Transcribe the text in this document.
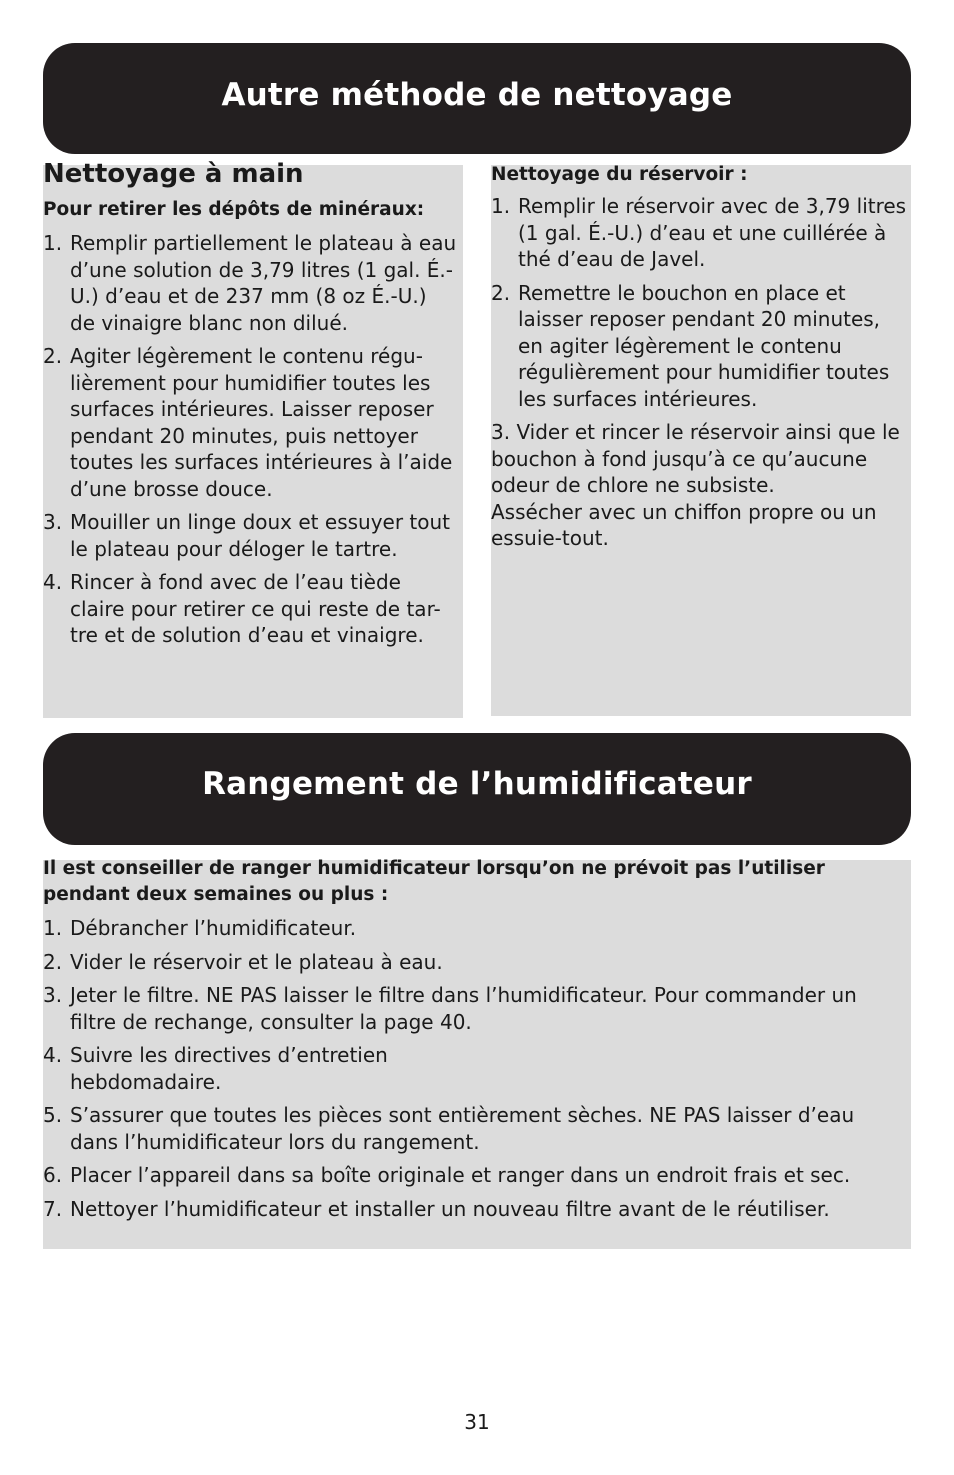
Autre méthode de nettoyage
Nettoyage à main

Pour retirer les dépôts de minéraux:

1. Remplir partiellement le plateau à eau d’une solution de 3,79 litres (1 gal. É.-U.) d’eau et de 237 mm (8 oz É.-U.) de vinaigre blanc non dilué.
2. Agiter légèrement le contenu régu- lièrement pour humidifier toutes les surfaces intérieures. Laisser reposer pendant 20 minutes, puis nettoyer toutes les surfaces intérieures à l’aide d’une brosse douce.
3. Mouiller un linge doux et essuyer tout le plateau pour déloger le tartre.
4. Rincer à fond avec de l’eau tiède claire pour retirer ce qui reste de tar- tre et de solution d’eau et vinaigre.

Nettoyage du réservoir :

1. Remplir le réservoir avec de 3,79 litres (1 gal. É.-U.) d’eau et une cuillérée à thé d’eau de Javel.
2. Remettre le bouchon en place et laisser reposer pendant 20 minutes, en agiter légèrement le contenu régulièrement pour humidifier toutes les surfaces intérieures.

3. Vider et rincer le réservoir ainsi que le bouchon à fond jusqu’à ce qu’aucune odeur de chlore ne subsiste.

Assécher avec un chiffon propre ou un essuie-tout.

Rangement de l’humidificateur

Il est conseiller de ranger humidificateur lorsqu’on ne prévoit pas l’utiliser pendant deux semaines ou plus :

1. Débrancher l’humidificateur.
2. Vider le réservoir et le plateau à eau.
3. Jeter le filtre. NE PAS laisser le filtre dans l’humidificateur. Pour commander un filtre de rechange, consulter la page 40.
4. Suivre les directives d’entretien hebdomadaire.
5. S’assurer que toutes les pièces sont entièrement sèches. NE PAS laisser d’eau dans l’humidificateur lors du rangement.
6. Placer l’appareil dans sa boîte originale et ranger dans un endroit frais et sec.
7. Nettoyer l’humidificateur et installer un nouveau filtre avant de le réutiliser.
31
